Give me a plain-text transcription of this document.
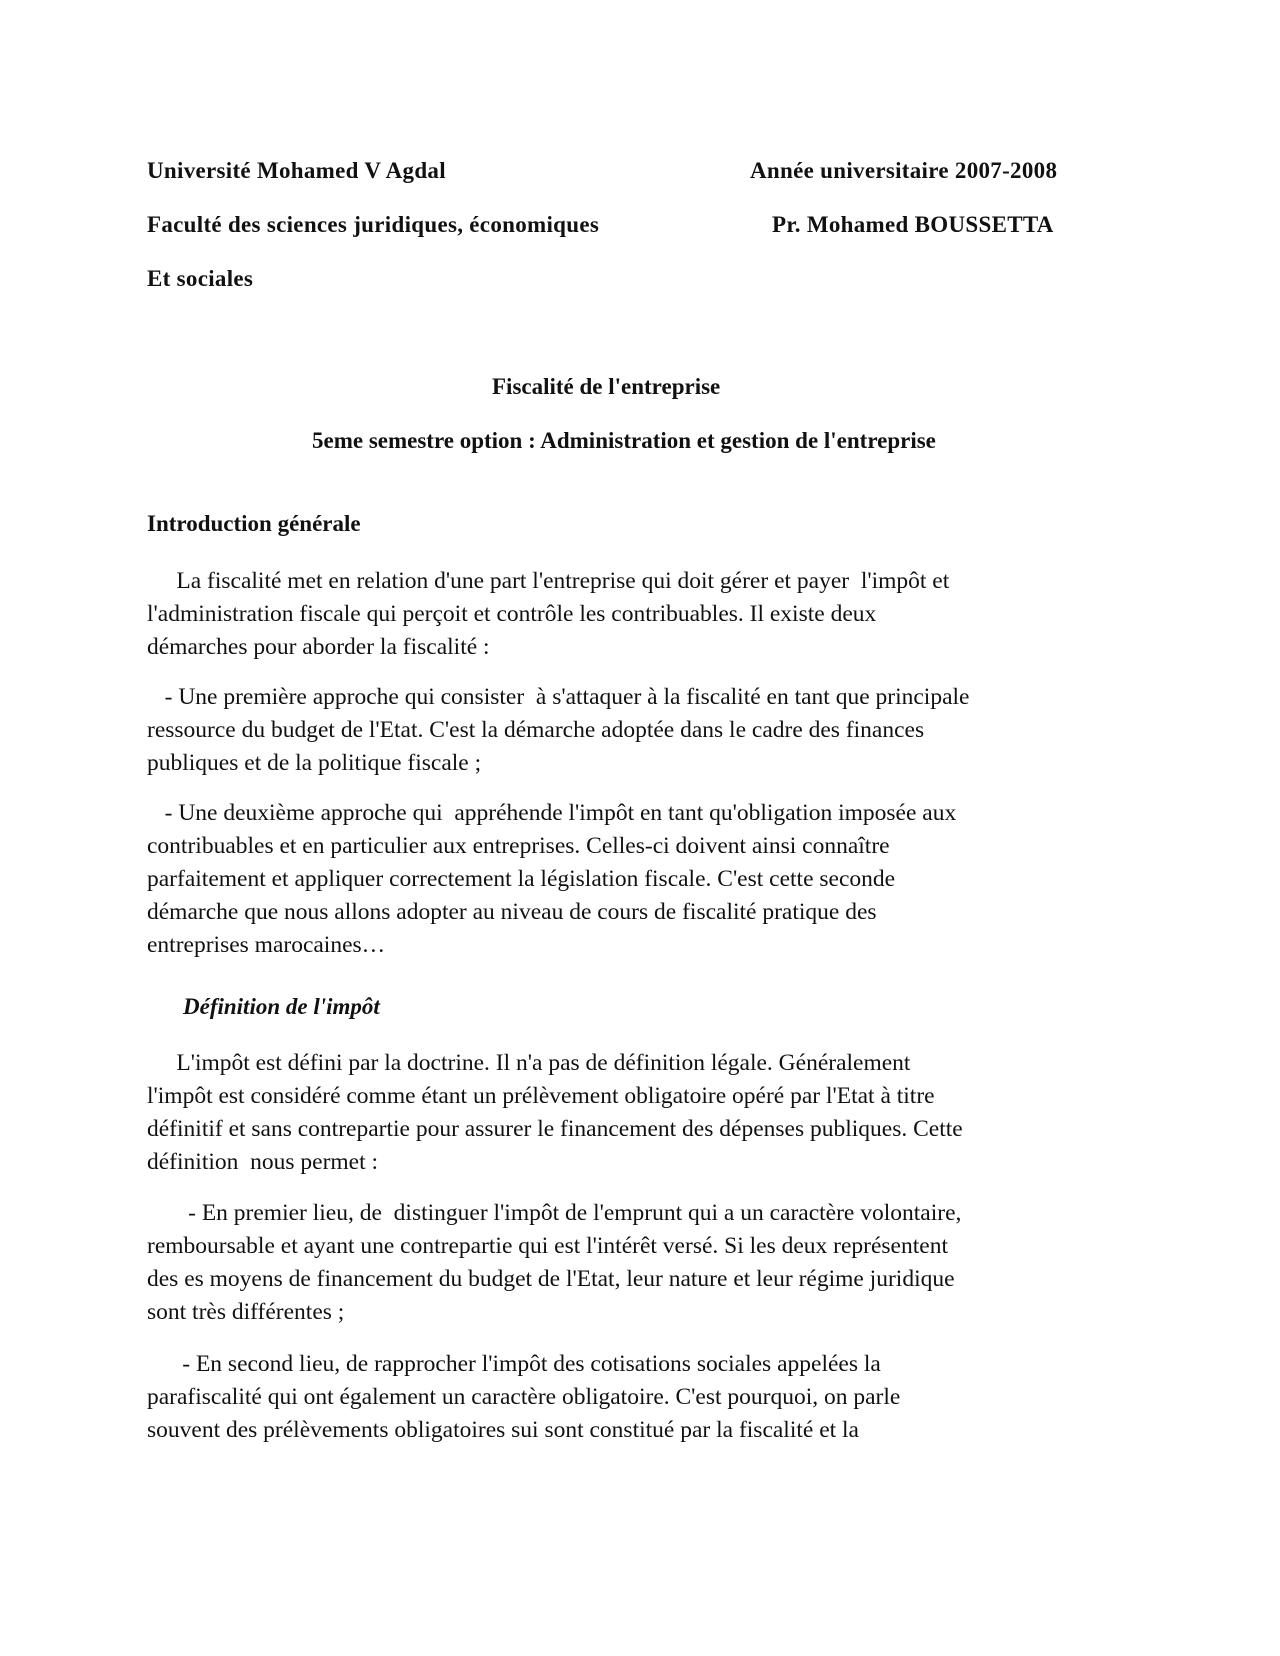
Université Mohamed V Agdal	Année universitaire 2007-2008
Faculté des sciences juridiques, économiques	Pr. Mohamed BOUSSETTA
Et sociales
Fiscalité de l'entreprise
5eme semestre option : Administration et gestion de l'entreprise
Introduction générale
La fiscalité met en relation d'une part l'entreprise qui doit gérer et payer  l'impôt et
l'administration fiscale qui perçoit et contrôle les contribuables. Il existe deux
démarches pour aborder la fiscalité :
- Une première approche qui consister  à s'attaquer à la fiscalité en tant que principale
ressource du budget de l'Etat. C'est la démarche adoptée dans le cadre des finances
publiques et de la politique fiscale ;
- Une deuxième approche qui  appréhende l'impôt en tant qu'obligation imposée aux
contribuables et en particulier aux entreprises. Celles-ci doivent ainsi connaître
parfaitement et appliquer correctement la législation fiscale. C'est cette seconde
démarche que nous allons adopter au niveau de cours de fiscalité pratique des
entreprises marocaines…
Définition de l'impôt
L'impôt est défini par la doctrine. Il n'a pas de définition légale. Généralement
l'impôt est considéré comme étant un prélèvement obligatoire opéré par l'Etat à titre
définitif et sans contrepartie pour assurer le financement des dépenses publiques. Cette
définition  nous permet :
- En premier lieu, de  distinguer l'impôt de l'emprunt qui a un caractère volontaire,
remboursable et ayant une contrepartie qui est l'intérêt versé. Si les deux représentent
des es moyens de financement du budget de l'Etat, leur nature et leur régime juridique
sont très différentes ;
- En second lieu, de rapprocher l'impôt des cotisations sociales appelées la
parafiscalité qui ont également un caractère obligatoire. C'est pourquoi, on parle
souvent des prélèvements obligatoires sui sont constitué par la fiscalité et la
